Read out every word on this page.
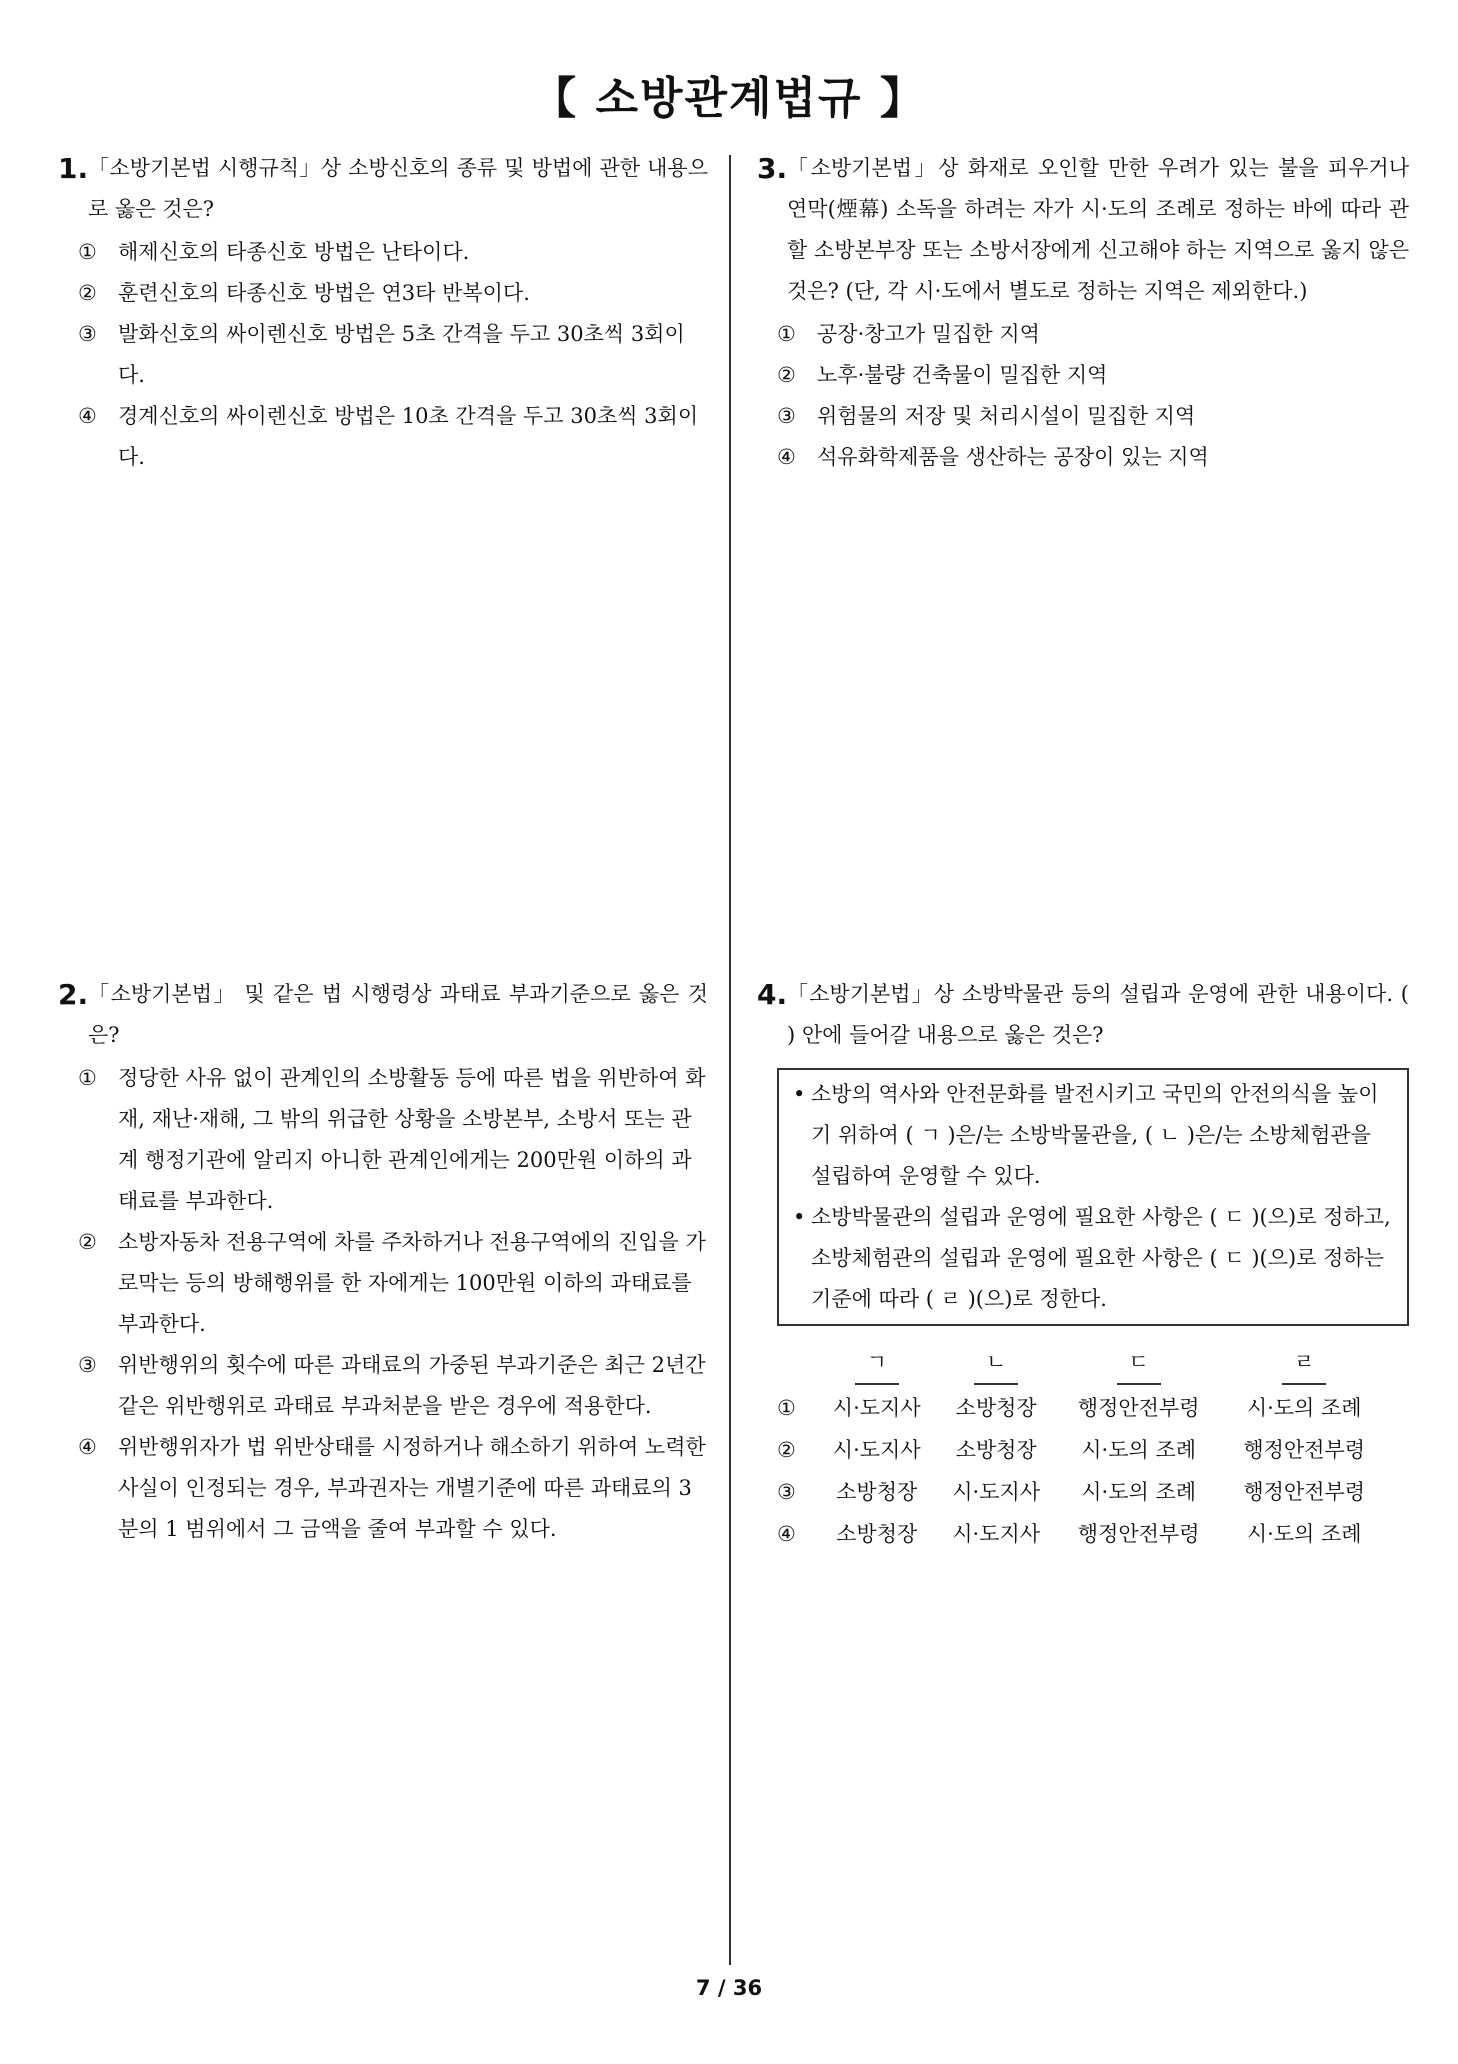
【 소방관계법규 】
1. 「소방기본법 시행규칙」상 소방신호의 종류 및 방법에 관한 내용으로 옳은 것은?
① 해제신호의 타종신호 방법은 난타이다.
② 훈련신호의 타종신호 방법은 연3타 반복이다.
③ 발화신호의 싸이렌신호 방법은 5초 간격을 두고 30초씩 3회이다.
④ 경계신호의 싸이렌신호 방법은 10초 간격을 두고 30초씩 3회이다.
2. 「소방기본법」 및 같은 법 시행령상 과태료 부과기준으로 옳은 것은?
① 정당한 사유 없이 관계인의 소방활동 등에 따른 법을 위반하여 화재, 재난·재해, 그 밖의 위급한 상황을 소방본부, 소방서 또는 관계 행정기관에 알리지 아니한 관계인에게는 200만원 이하의 과태료를 부과한다.
② 소방자동차 전용구역에 차를 주차하거나 전용구역에의 진입을 가로막는 등의 방해행위를 한 자에게는 100만원 이하의 과태료를 부과한다.
③ 위반행위의 횟수에 따른 과태료의 가중된 부과기준은 최근 2년간 같은 위반행위로 과태료 부과처분을 받은 경우에 적용한다.
④ 위반행위자가 법 위반상태를 시정하거나 해소하기 위하여 노력한 사실이 인정되는 경우, 부과권자는 개별기준에 따른 과태료의 3분의 1 범위에서 그 금액을 줄여 부과할 수 있다.
3. 「소방기본법」상 화재로 오인할 만한 우려가 있는 불을 피우거나 연막(煙幕) 소독을 하려는 자가 시·도의 조례로 정하는 바에 따라 관할 소방본부장 또는 소방서장에게 신고해야 하는 지역으로 옳지 않은 것은? (단, 각 시·도에서 별도로 정하는 지역은 제외한다.)
① 공장·창고가 밀집한 지역
② 노후·불량 건축물이 밀집한 지역
③ 위험물의 저장 및 처리시설이 밀집한 지역
④ 석유화학제품을 생산하는 공장이 있는 지역
4. 「소방기본법」상 소방박물관 등의 설립과 운영에 관한 내용이다. ( ) 안에 들어갈 내용으로 옳은 것은?
• 소방의 역사와 안전문화를 발전시키고 국민의 안전의식을 높이기 위하여 ( ㄱ )은/는 소방박물관을, ( ㄴ )은/는 소방체험관을 설립하여 운영할 수 있다.
• 소방박물관의 설립과 운영에 필요한 사항은 ( ㄷ )(으)로 정하고, 소방체험관의 설립과 운영에 필요한 사항은 ( ㄷ )(으)로 정하는 기준에 따라 ( ㄹ )(으)로 정한다.
	ㄱ	ㄴ	ㄷ	ㄹ
①	시·도지사	소방청장	행정안전부령	시·도의 조례
②	시·도지사	소방청장	시·도의 조례	행정안전부령
③	소방청장	시·도지사	시·도의 조례	행정안전부령
④	소방청장	시·도지사	행정안전부령	시·도의 조례
7 / 36
